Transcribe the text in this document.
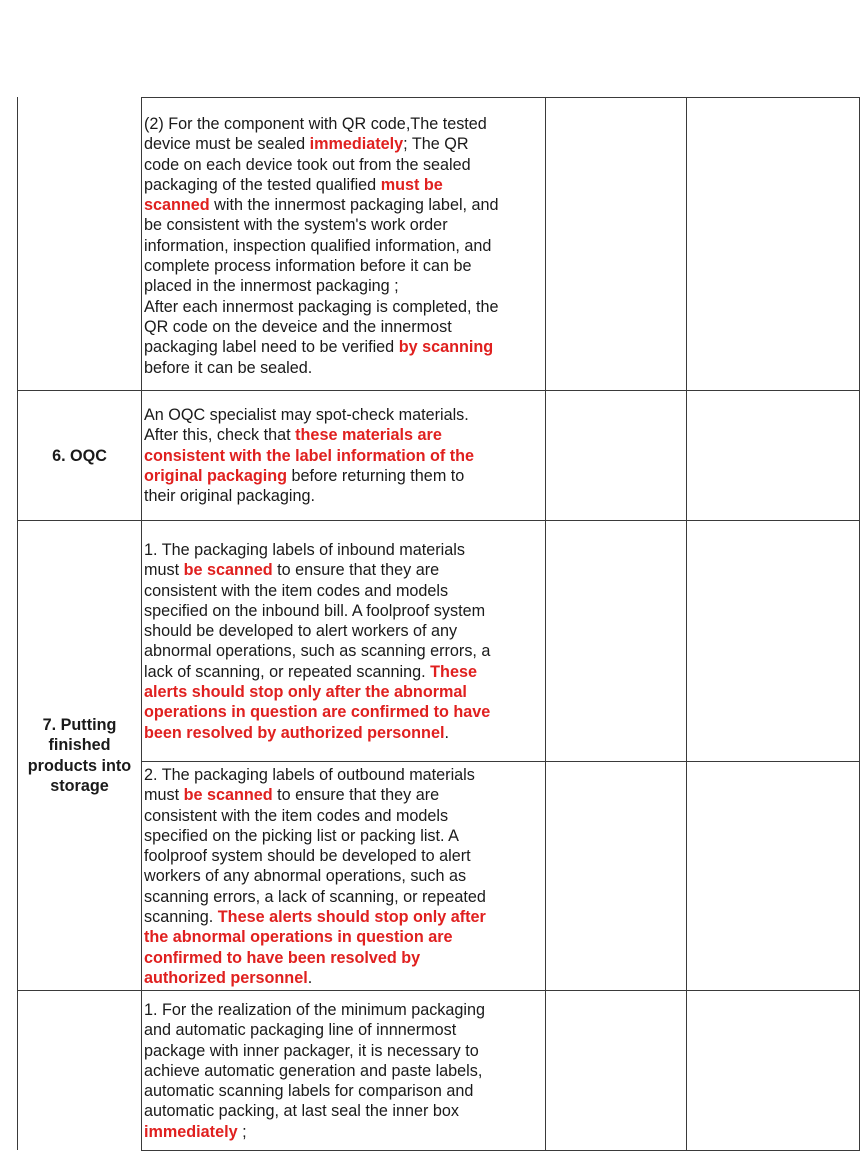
6. OQC
7. Putting
finished
products into
storage
(2) For the component with QR code,The tested
device must be sealed immediately; The QR
code on each device took out from the sealed
packaging of the tested qualified must be
scanned with the innermost packaging label, and
be consistent with the system's work order
information, inspection qualified information, and
complete process information before it can be
placed in the innermost packaging ;
After each innermost packaging is completed, the
QR code on the deveice and the innermost
packaging label need to be verified by scanning
before it can be sealed.
An OQC specialist may spot-check materials.
After this, check that these materials are
consistent with the label information of the
original packaging before returning them to
their original packaging.
1. The packaging labels of inbound materials
must be scanned to ensure that they are
consistent with the item codes and models
specified on the inbound bill. A foolproof system
should be developed to alert workers of any
abnormal operations, such as scanning errors, a
lack of scanning, or repeated scanning. These
alerts should stop only after the abnormal
operations in question are confirmed to have
been resolved by authorized personnel.
2. The packaging labels of outbound materials
must be scanned to ensure that they are
consistent with the item codes and models
specified on the picking list or packing list. A
foolproof system should be developed to alert
workers of any abnormal operations, such as
scanning errors, a lack of scanning, or repeated
scanning. These alerts should stop only after
the abnormal operations in question are
confirmed to have been resolved by
authorized personnel.
1. For the realization of the minimum packaging
and automatic packaging line of innnermost
package with inner packager, it is necessary to
achieve automatic generation and paste labels,
automatic scanning labels for comparison and
automatic packing, at last seal the inner box
immediately ;
